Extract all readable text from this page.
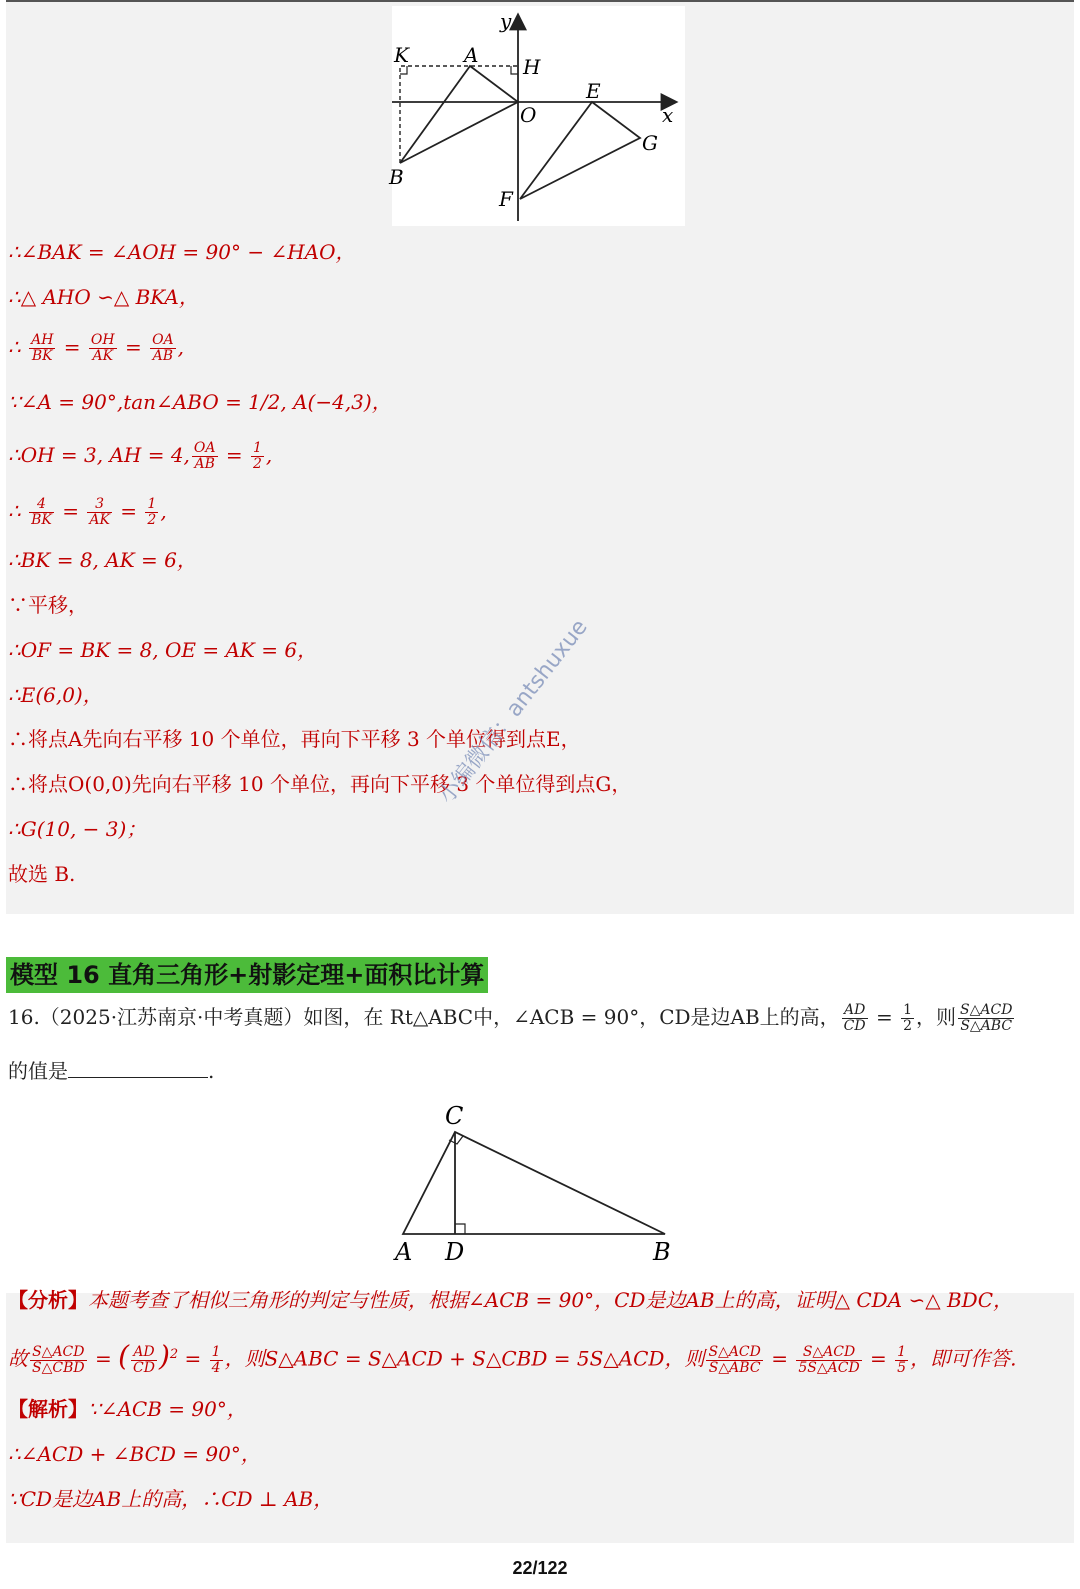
y
K	A H
O
E
x
G
B
F
∴∠BAK = ∠AOH = 90° − ∠HAO，
∴△ AHO ∽△ BKA，
∴ $\frac{AH}{BK} = \frac{OH}{AK} = \frac{OA}{AB}$ ,
∵∠A = 90°,tan∠ABO = 1/2, A(−4,3)，
∴OH = 3, AH = 4, $\frac{OA}{AB} = \frac{1}{2}$ ,
∴ $\frac{4}{BK} = \frac{3}{AK} = \frac{1}{2}$ ,
∴BK = 8, AK = 6，
∵平移，
∴OF = BK = 8, OE = AK = 6，
∴E(6,0)，
∴将点A先向右平移 10 个单位，再向下平移 3 个单位得到点E，
∴将点O(0,0)先向右平移 10 个单位，再向下平移 3 个单位得到点G，
∴G(10, − 3)；
故选 B.
小编微信：antshuxue
模型 16 直角三角形+射影定理+面积比计算
16.（2025·江苏南京·中考真题）如图，在 Rt△ABC中，∠ACB = 90°，CD是边AB上的高， $\frac{AD}{CD} = \frac{1}{2}$ ，则 $\frac{\text{S△ACD}}{\text{S△ABC}}$
的值是	.
C
A D	B
【分析】本题考查了相似三角形的判定与性质，根据∠ACB = 90°，CD是边AB上的高，证明△ CDA ∽△ BDC，
故 $\frac{\text{S△ACD}}{\text{S△CBD}}$ = ( $\frac{AD}{CD} )^2 = \frac{1}{4}$ ，则S△ABC = S△ACD + S△CBD = 5S△ACD，则 $\frac{\text{S△ACD}}{\text{S△ABC}} = \frac{\text{S△ACD}}{\text{5S△ACD}} = \frac{1}{5}$ ，即可作答.
【解析】∵∠ACB = 90°，
∴∠ACD + ∠BCD = 90°，
∵CD是边AB上的高，∴CD ⊥ AB，
22/122
